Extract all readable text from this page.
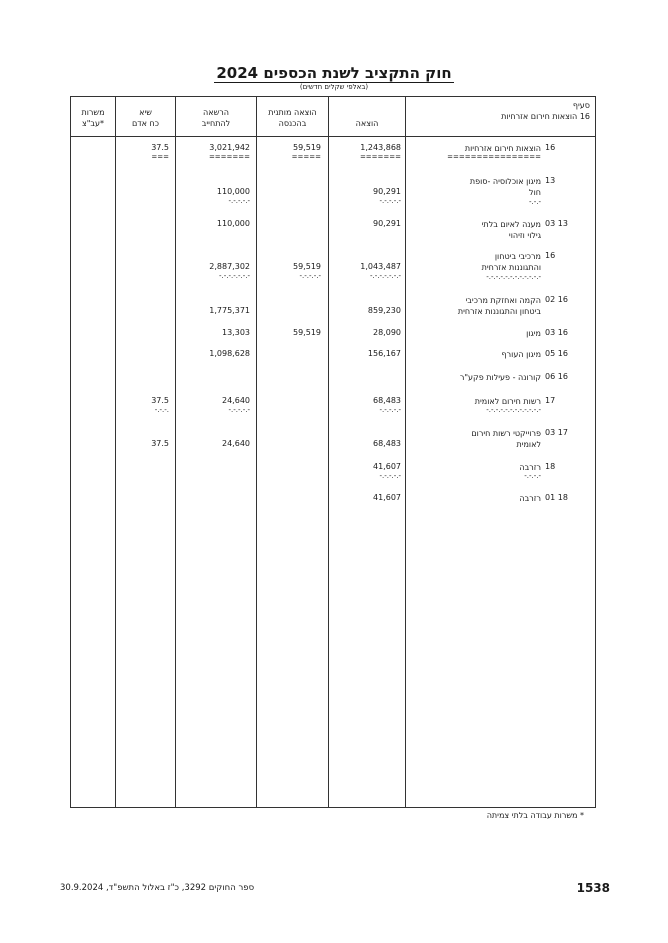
חוק התקציב לשנת הכספים 2024
(באלפי שקלים חדשים)
משרות
עב"צ*
שיא
כח אדם
הרשאה
להתחייב
הוצאה מותנית
בהכנסה	הוצאה
סעיף
16 הוצאות חירום אזרחיות
16
הוצאות חירום אזרחיות
1,243,868
59,519
3,021,942
37.5
================
=======
=====
=======
===
13
מיגון אוכלוסיה -סופת
חול
90,291
110,000
-.-.-
-.-.-.-.-
-.-.-.-.-
13 03
מענה לאיום בלתי
גילוי וזיהוי
90,291
110,000
16
מרכיבי ביטחון
והתגוננות אזרחית
1,043,487
59,519
2,887,302
-.-.-.-.-.-.-.-.-.-.-.-
-.-.-.-.-.-.-
-.-.-.-.-
-.-.-.-.-.-.-
16 02
הקמה ואחזקת מרכיבי
ביטחון והתגוננות אזרחית
859,230
1,775,371
16 03
מיגון
28,090
59,519
13,303
16 05
מיגון העורף
156,167
1,098,628
16 06
קורונה - פעילות פקע"ר
17
רשות חירום לאומית
68,483
24,640
37.5
-.-.-.-.-.-.-.-.-.-.-.-
-.-.-.-.-
-.-.-.-.-
-.-.-.
17 03
פרוייקטי רשות חירום
לאומית
68,483
24,640
37.5
18
רזרבה
41,607
-.-.-.-
-.-.-.-.-
18 01
רזרבה
41,607
* משרות עבודה בלתי צמיתה
ספר החוקים 3292, כ"ז באלול התשפ"ד, 30.9.2024	1538
